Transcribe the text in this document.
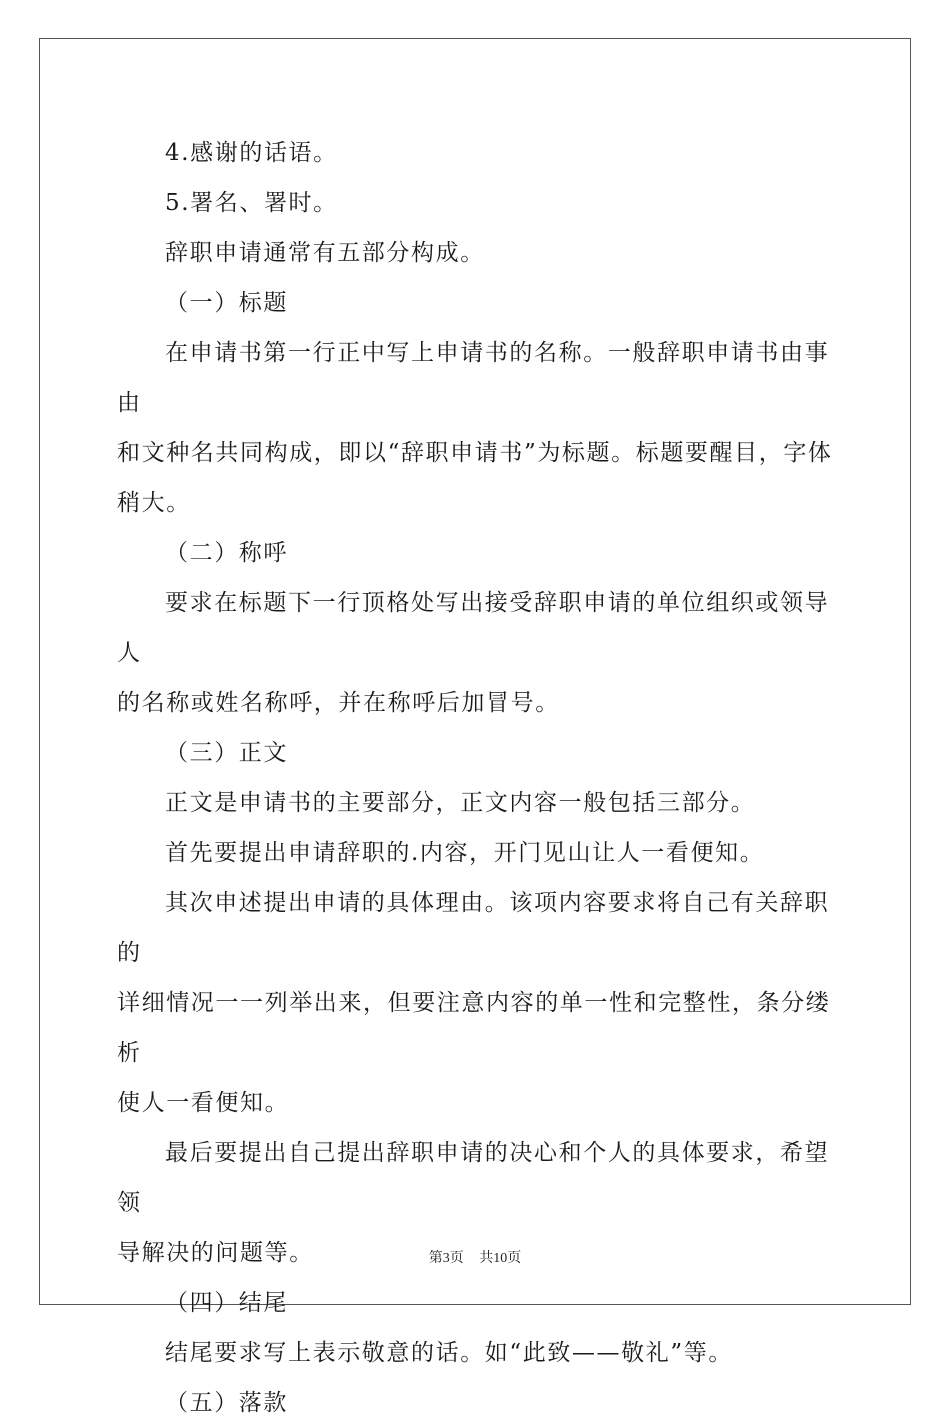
4.感谢的话语。

5.署名、署时。

辞职申请通常有五部分构成。

（一）标题

在申请书第一行正中写上申请书的名称。一般辞职申请书由事由
和文种名共同构成，即以“辞职申请书”为标题。标题要醒目，字体
稍大。

（二）称呼

要求在标题下一行顶格处写出接受辞职申请的单位组织或领导人
的名称或姓名称呼，并在称呼后加冒号。

（三）正文

正文是申请书的主要部分，正文内容一般包括三部分。

首先要提出申请辞职的.内容，开门见山让人一看便知。

其次申述提出申请的具体理由。该项内容要求将自己有关辞职的
详细情况一一列举出来，但要注意内容的单一性和完整性，条分缕析
使人一看便知。

最后要提出自己提出辞职申请的决心和个人的具体要求，希望领
导解决的问题等。

（四）结尾

结尾要求写上表示敬意的话。如“此致——敬礼”等。

（五）落款

第3页 共10页
